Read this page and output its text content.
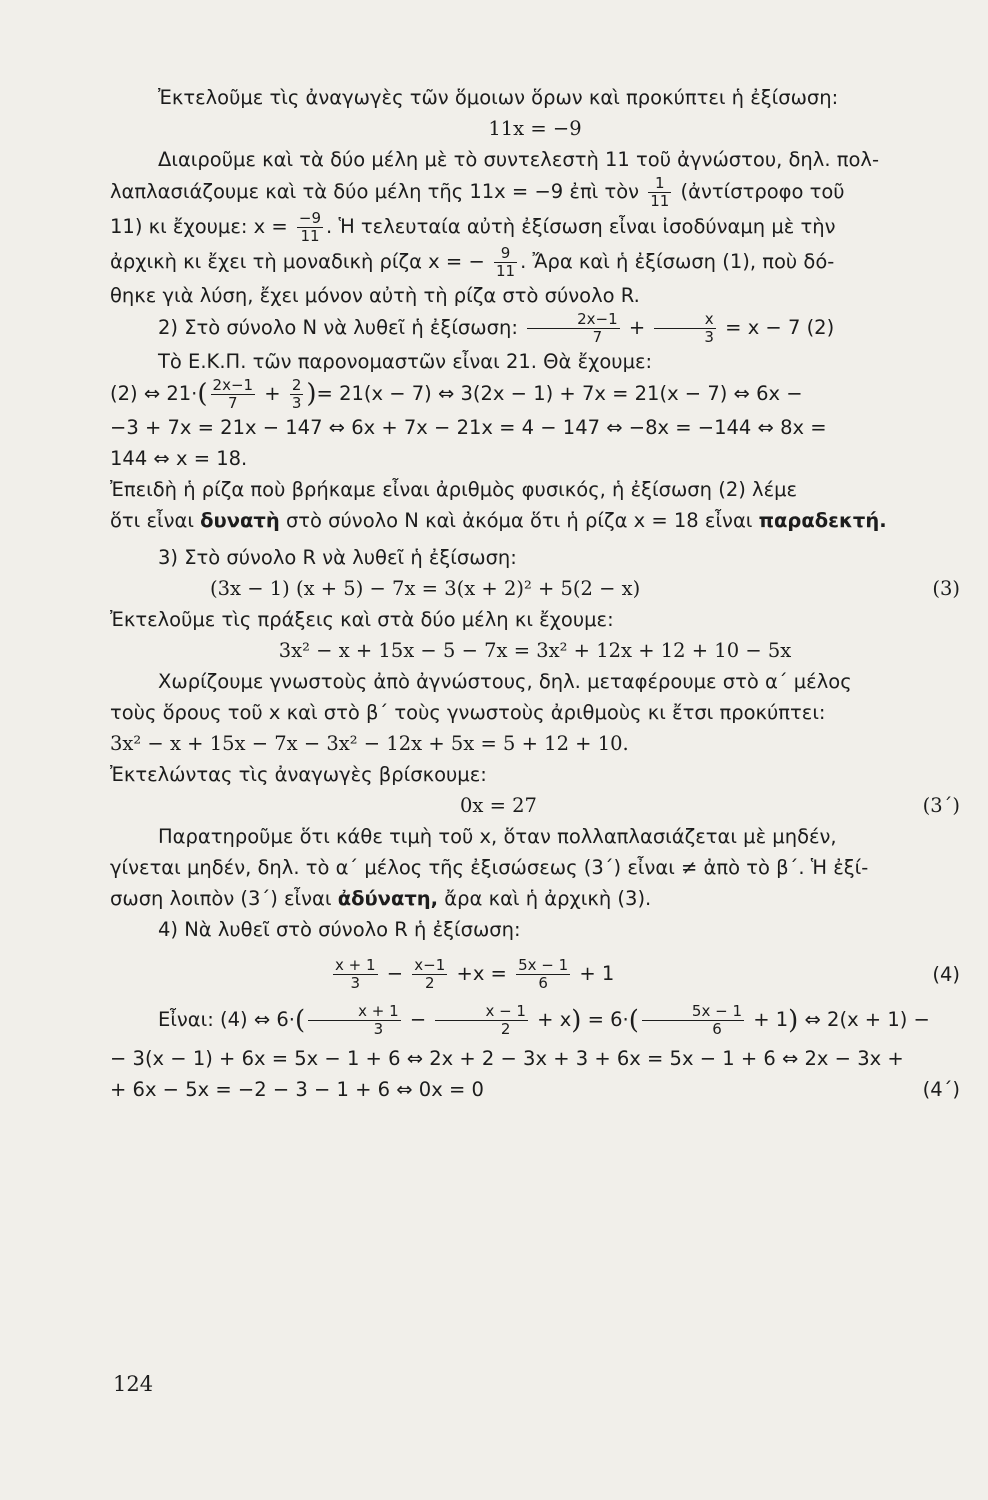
Ἐκτελοῦμε τὶς ἀναγωγὲς τῶν ὅμοιων ὅρων καὶ προκύπτει ἡ ἐξίσωση:

11x = −9

Διαιροῦμε καὶ τὰ δύο μέλη μὲ τὸ συντελεστὴ 11 τοῦ ἀγνώστου, δηλ. πολ-

λαπλασιάζουμε καὶ τὰ δύο μέλη τῆς 11x = −9 ἐπὶ τὸν $\frac{1}{11}$ (ἀντίστροφο τοῦ

11) κι ἔχουμε: $x = \frac{-9}{11}$ . Ἡ τελευταία αὐτὴ ἐξίσωση εἶναι ἰσοδύναμη μὲ τὴν

ἀρχικὴ κι ἔχει τὴ μοναδικὴ ρίζα x = − $\frac{9}{11}$ . Ἄρα καὶ ἡ ἐξίσωση (1), ποὺ δό-

θηκε γιὰ λύση, ἔχει μόνον αὐτὴ τὴ ρίζα στὸ σύνολο R.

2) Στὸ σύνολο N νὰ λυθεῖ ἡ ἐξίσωση: $\frac{2x-1}{7} + \frac{x}{3} = x - 7$ (2)

Τὸ Ε.Κ.Π. τῶν παρονομαστῶν εἶναι 21. Θὰ ἔχουμε:

(2) ⇔ $21\cdot( \frac{2x-1}{7} + \frac{2}{3}$ )= 21(x − 7) ⇔ 3(2x − 1) + 7x = 21(x − 7) ⇔ 6x −

−3 + 7x = 21x − 147 ⇔ 6x + 7x − 21x = 4 − 147 ⇔ −8x = −144 ⇔ 8x =

144 ⇔ x = 18.

Ἐπειδὴ ἡ ρίζα ποὺ βρήκαμε εἶναι ἀριθμὸς φυσικός, ἡ ἐξίσωση (2) λέμε

ὅτι εἶναι δυνατὴ στὸ σύνολο N καὶ ἀκόμα ὅτι ἡ ρίζα x = 18 εἶναι παραδεκτή.

3) Στὸ σύνολο R νὰ λυθεῖ ἡ ἐξίσωση:

(3x − 1) (x + 5) − 7x = 3(x + 2)² + 5(2 − x)	(3)

Ἐκτελοῦμε τὶς πράξεις καὶ στὰ δύο μέλη κι ἔχουμε:

3x² − x + 15x − 5 − 7x = 3x² + 12x + 12 + 10 − 5x

Χωρίζουμε γνωστοὺς ἀπὸ ἀγνώστους, δηλ. μεταφέρουμε στὸ α΄ μέλος

τοὺς ὅρους τοῦ x καὶ στὸ β΄ τοὺς γνωστοὺς ἀριθμοὺς κι ἔτσι προκύπτει:

3x² − x + 15x − 7x − 3x² − 12x + 5x = 5 + 12 + 10.

Ἐκτελώντας τὶς ἀναγωγὲς βρίσκουμε:

0x = 27	(3΄)

Παρατηροῦμε ὅτι κάθε τιμὴ τοῦ x, ὅταν πολλαπλασιάζεται μὲ μηδέν,

γίνεται μηδέν, δηλ. τὸ α΄ μέλος τῆς ἐξισώσεως (3΄) εἶναι ≠ ἀπὸ τὸ β΄. Ἡ ἐξί-

σωση λοιπὸν (3΄) εἶναι ἀδύνατη, ἄρα καὶ ἡ ἀρχικὴ (3).

4) Νὰ λυθεῖ στὸ σύνολο R ἡ ἐξίσωση:

$\frac{x + 1}{3} - \frac{x-1}{2} +x = \frac{5x - 1}{6} + 1$	(4)

Εἶναι: (4) ⇔ $6\cdot( \frac{x + 1}{3} - \frac{x - 1}{2} + x) = 6\cdot( \frac{5x - 1}{6} + 1)$ ⇔ 2(x + 1) −

− 3(x − 1) + 6x = 5x − 1 + 6 ⇔ 2x + 2 − 3x + 3 + 6x = 5x − 1 + 6 ⇔ 2x − 3x +

+ 6x − 5x = −2 − 3 − 1 + 6 ⇔ 0x = 0	(4΄)
124
